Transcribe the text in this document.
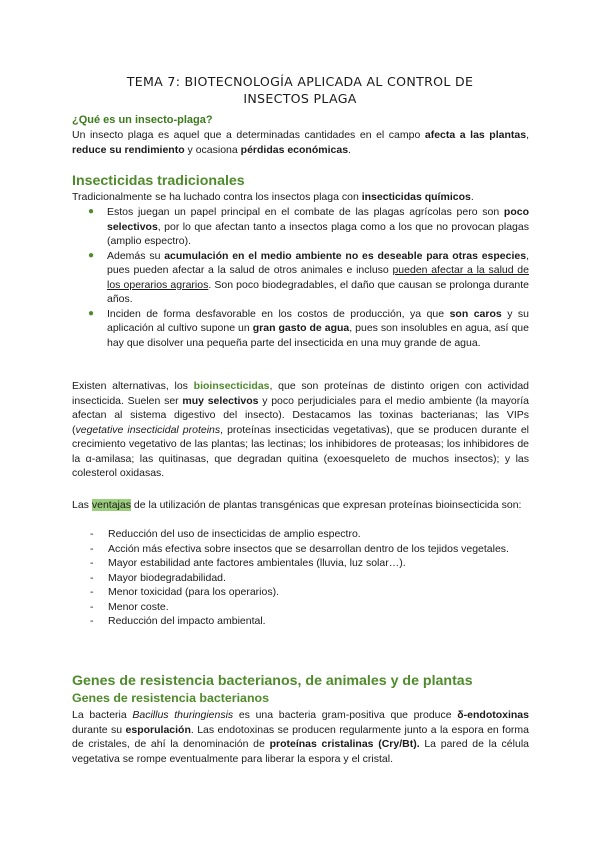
TEMA 7: BIOTECNOLOGÍA APLICADA AL CONTROL DE
INSECTOS PLAGA
¿Qué es un insecto-plaga?
Un insecto plaga es aquel que a determinadas cantidades en el campo afecta a las plantas, reduce su rendimiento y ocasiona pérdidas económicas.
Insecticidas tradicionales
Tradicionalmente se ha luchado contra los insectos plaga con insecticidas químicos.
● Estos juegan un papel principal en el combate de las plagas agrícolas pero son poco selectivos, por lo que afectan tanto a insectos plaga como a los que no provocan plagas (amplio espectro).
● Además su acumulación en el medio ambiente no es deseable para otras especies, pues pueden afectar a la salud de otros animales e incluso pueden afectar a la salud de los operarios agrarios. Son poco biodegradables, el daño que causan se prolonga durante años.
● Inciden de forma desfavorable en los costos de producción, ya que son caros y su aplicación al cultivo supone un gran gasto de agua, pues son insolubles en agua, así que hay que disolver una pequeña parte del insecticida en una muy grande de agua.
Existen alternativas, los bioinsecticidas, que son proteínas de distinto origen con actividad insecticida. Suelen ser muy selectivos y poco perjudiciales para el medio ambiente (la mayoría afectan al sistema digestivo del insecto). Destacamos las toxinas bacterianas; las VIPs (vegetative insecticidal proteins, proteínas insecticidas vegetativas), que se producen durante el crecimiento vegetativo de las plantas; las lectinas; los inhibidores de proteasas; los inhibidores de la α-amilasa; las quitinasas, que degradan quitina (exoesqueleto de muchos insectos); y las colesterol oxidasas.
Las ventajas de la utilización de plantas transgénicas que expresan proteínas bioinsecticida son:
- Reducción del uso de insecticidas de amplio espectro.
- Acción más efectiva sobre insectos que se desarrollan dentro de los tejidos vegetales.
- Mayor estabilidad ante factores ambientales (lluvia, luz solar…).
- Mayor biodegradabilidad.
- Menor toxicidad (para los operarios).
- Menor coste.
- Reducción del impacto ambiental.
Genes de resistencia bacterianos, de animales y de plantas
Genes de resistencia bacterianos
La bacteria Bacillus thuringiensis es una bacteria gram-positiva que produce δ-endotoxinas durante su esporulación. Las endotoxinas se producen regularmente junto a la espora en forma de cristales, de ahí la denominación de proteínas cristalinas (Cry/Bt). La pared de la célula vegetativa se rompe eventualmente para liberar la espora y el cristal.
